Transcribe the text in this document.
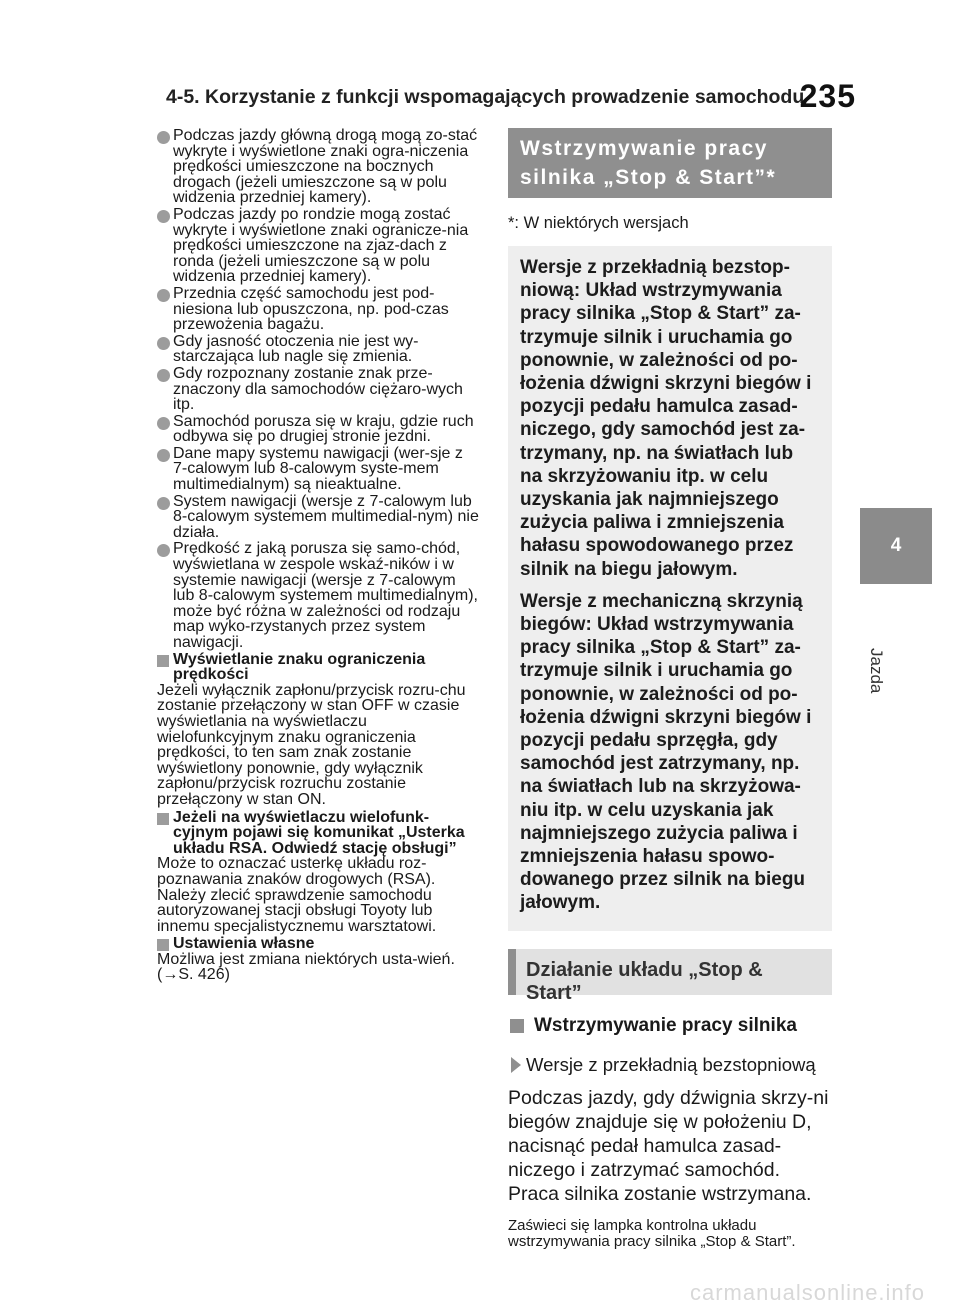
4-5. Korzystanie z funkcji wspomagających prowadzenie samochodu
235
4
Jazda
Podczas jazdy główną drogą mogą zo-stać wykryte i wyświetlone znaki ogra-niczenia prędkości umieszczone na bocznych drogach (jeżeli umieszczone są w polu widzenia przedniej kamery).
Podczas jazdy po rondzie mogą zostać wykryte i wyświetlone znaki ogranicze-nia prędkości umieszczone na zjaz-dach z ronda (jeżeli umieszczone są w polu widzenia przedniej kamery).
Przednia część samochodu jest pod-niesiona lub opuszczona, np. pod-czas przewożenia bagażu.
Gdy jasność otoczenia nie jest wy-starczająca lub nagle się zmienia.
Gdy rozpoznany zostanie znak prze-znaczony dla samochodów ciężaro-wych itp.
Samochód porusza się w kraju, gdzie ruch odbywa się po drugiej stronie jezdni.
Dane mapy systemu nawigacji (wer-sje z 7-calowym lub 8-calowym syste-mem multimedialnym) są nieaktualne.
System nawigacji (wersje z 7-calowym lub 8-calowym systemem multimedial-nym) nie działa.
Prędkość z jaką porusza się samo-chód, wyświetlana w zespole wskaź-ników i w systemie nawigacji (wersje z 7-calowym lub 8-calowym systemem multimedialnym), może być różna w zależności od rodzaju map wyko-rzystanych przez system nawigacji.
Wyświetlanie znaku ograniczenia prędkości
Jeżeli wyłącznik zapłonu/przycisk rozru-chu zostanie przełączony w stan OFF w czasie wyświetlania na wyświetlaczu wielofunkcyjnym znaku ograniczenia prędkości, to ten sam znak zostanie wyświetlony ponownie, gdy wyłącznik zapłonu/przycisk rozruchu zostanie przełączony w stan ON.
Jeżeli na wyświetlaczu wielofunk-cyjnym pojawi się komunikat „Usterka układu RSA. Odwiedź stację obsługi”
Może to oznaczać usterkę układu roz-poznawania znaków drogowych (RSA). Należy zlecić sprawdzenie samochodu autoryzowanej stacji obsługi Toyoty lub innemu specjalistycznemu warsztatowi.
Ustawienia własne
Możliwa jest zmiana niektórych usta-wień. (→S. 426)
Wstrzymywanie pracy silnika „Stop & Start”*
*: W niektórych wersjach

Wersje z przekładnią bezstop-niową: Układ wstrzymywania pracy silnika „Stop & Start” za-trzymuje silnik i uruchamia go ponownie, w zależności od po-łożenia dźwigni skrzyni biegów i pozycji pedału hamulca zasad-niczego, gdy samochód jest za-trzymany, np. na światłach lub na skrzyżowaniu itp. w celu uzyskania jak najmniejszego zużycia paliwa i zmniejszenia hałasu spowodowanego przez silnik na biegu jałowym.

Wersje z mechaniczną skrzynią biegów: Układ wstrzymywania pracy silnika „Stop & Start” za-trzymuje silnik i uruchamia go ponownie, w zależności od po-łożenia dźwigni skrzyni biegów i pozycji pedału sprzęgła, gdy samochód jest zatrzymany, np. na światłach lub na skrzyżowa-niu itp. w celu uzyskania jak najmniejszego zużycia paliwa i zmniejszenia hałasu spowo-dowanego przez silnik na biegu jałowym.

Działanie układu „Stop & Start”
Wstrzymywanie pracy silnika
Wersje z przekładnią bezstopniową
Podczas jazdy, gdy dźwignia skrzy-ni biegów znajduje się w położeniu D, nacisnąć pedał hamulca zasad-niczego i zatrzymać samochód. Praca silnika zostanie wstrzymana.
Zaświeci się lampka kontrolna układu wstrzymywania pracy silnika „Stop & Start”.
carmanualsonline.info
